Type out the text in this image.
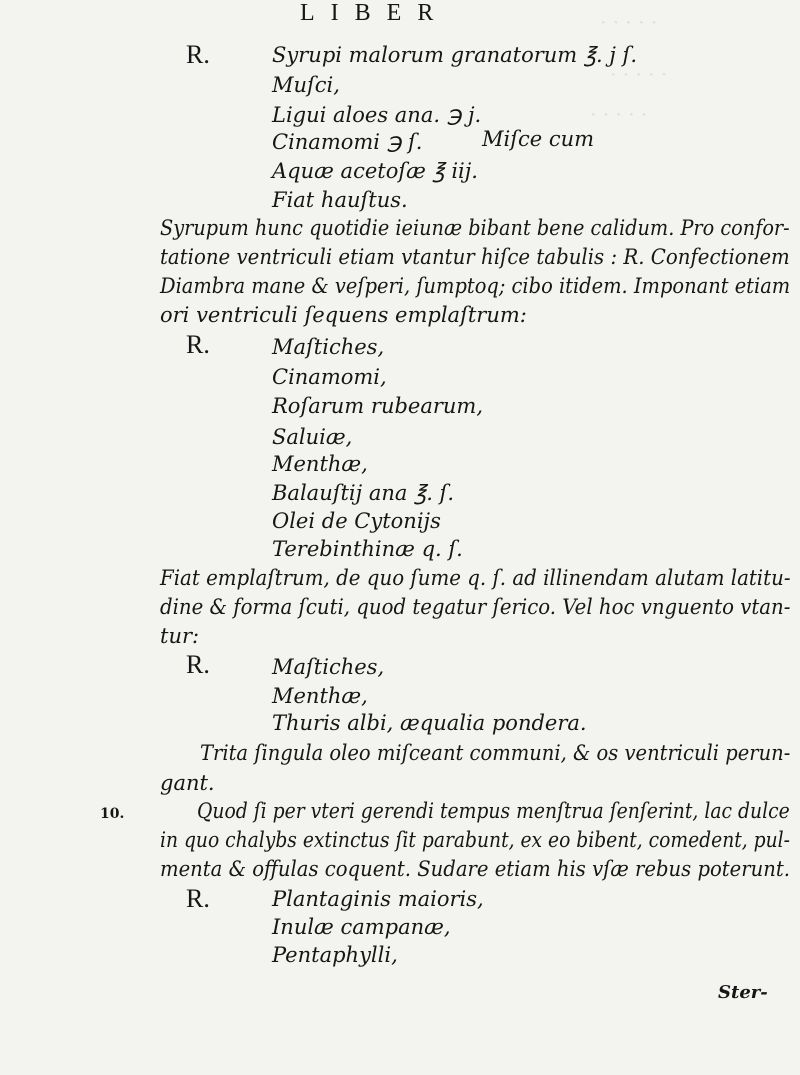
· · · · ·
· · · · ·
· · · · ·
LIBER
R.	Syrupi malorum granatorum ℥. j ſ.
Muſci,
Ligui aloes ana. ℈ j.
Cinamomi ℈ ſ.	Miſce cum
Aquæ acetoſæ ℥ iij.
Fiat hauſtus.
Syrupum hunc quotidie ieiunæ bibant bene calidum. Pro confor-
tatione ventriculi etiam vtantur hiſce tabulis : R. Confectionem
Diambra mane & veſperi, ſumptoq; cibo itidem. Imponant etiam
ori ventriculi ſequens emplaſtrum:
R.	Maſtiches,
Cinamomi,
Roſarum rubearum,
Saluiæ,
Menthæ,
Balauſtij ana ℥. ſ.
Olei de Cytonijs
Terebinthinæ q. ſ.
Fiat emplaſtrum, de quo ſume q. ſ. ad illinendam alutam latitu-
dine & forma ſcuti, quod tegatur ſerico. Vel hoc vnguento vtan-
tur:
R.	Maſtiches,
Menthæ,
Thuris albi, æqualia pondera.
Trita ſingula oleo miſceant communi, & os ventriculi perun-
gant.
10.	Quod ſi per vteri gerendi tempus menſtrua ſenſerint, lac dulce
in quo chalybs extinctus ſit parabunt, ex eo bibent, comedent, pul-
menta & offulas coquent. Sudare etiam his vſæ rebus poterunt.
R.	Plantaginis maioris,
Inulæ campanæ,
Pentaphylli,
Ster-
